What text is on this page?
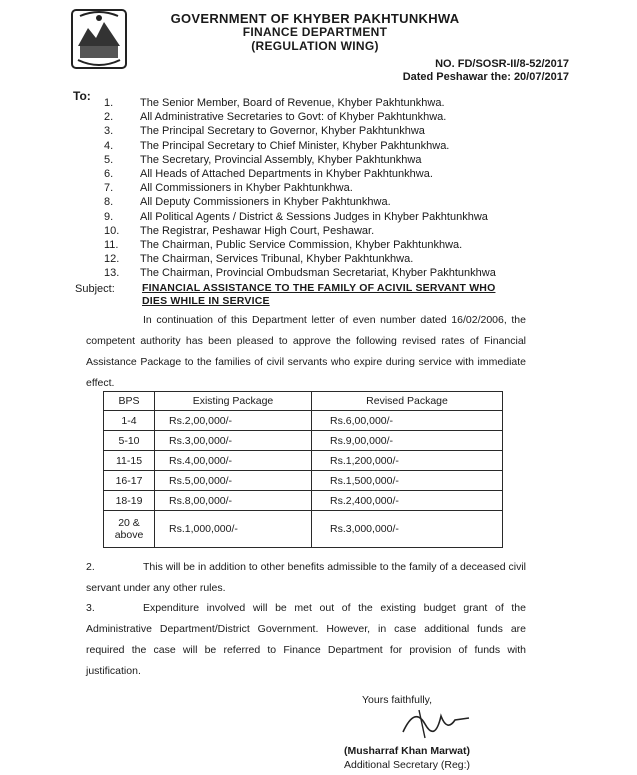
GOVERNMENT OF KHYBER PAKHTUNKHWA
FINANCE DEPARTMENT
(REGULATION WING)
NO. FD/SOSR-II/8-52/2017
Dated Peshawar the: 20/07/2017
To:	1. The Senior Member, Board of Revenue, Khyber Pakhtunkhwa.
2. All Administrative Secretaries to Govt: of Khyber Pakhtunkhwa.
3. The Principal Secretary to Governor, Khyber Pakhtunkhwa
4. The Principal Secretary to Chief Minister, Khyber Pakhtunkhwa.
5. The Secretary, Provincial Assembly, Khyber Pakhtunkhwa
6. All Heads of Attached Departments in Khyber Pakhtunkhwa.
7. All Commissioners in Khyber Pakhtunkhwa.
8. All Deputy Commissioners in Khyber Pakhtunkhwa.
9. All Political Agents / District & Sessions Judges in Khyber Pakhtunkhwa
10. The Registrar, Peshawar High Court, Peshawar.
11. The Chairman, Public Service Commission, Khyber Pakhtunkhwa.
12. The Chairman, Services Tribunal, Khyber Pakhtunkhwa.
13. The Chairman, Provincial Ombudsman Secretariat, Khyber Pakhtunkhwa
Subject:	FINANCIAL ASSISTANCE TO THE FAMILY OF ACIVIL SERVANT WHO DIES WHILE IN SERVICE
In continuation of this Department letter of even number dated 16/02/2006, the competent authority has been pleased to approve the following revised rates of Financial Assistance Package to the families of civil servants who expire during service with immediate effect.
BPS	Existing Package	Revised Package
1-4	Rs.2,00,000/-	Rs.6,00,000/-
5-10	Rs.3,00,000/-	Rs.9,00,000/-
11-15	Rs.4,00,000/-	Rs.1,200,000/-
16-17	Rs.5,00,000/-	Rs.1,500,000/-
18-19	Rs.8,00,000/-	Rs.2,400,000/-
20 & above	Rs.1,000,000/-	Rs.3,000,000/-
2.	This will be in addition to other benefits admissible to the family of a deceased civil servant under any other rules.
3.	Expenditure involved will be met out of the existing budget grant of the Administrative Department/District Government. However, in case additional funds are required the case will be referred to Finance Department for provision of funds with justification.
Yours faithfully,
(Musharraf Khan Marwat)
Additional Secretary (Reg:)
